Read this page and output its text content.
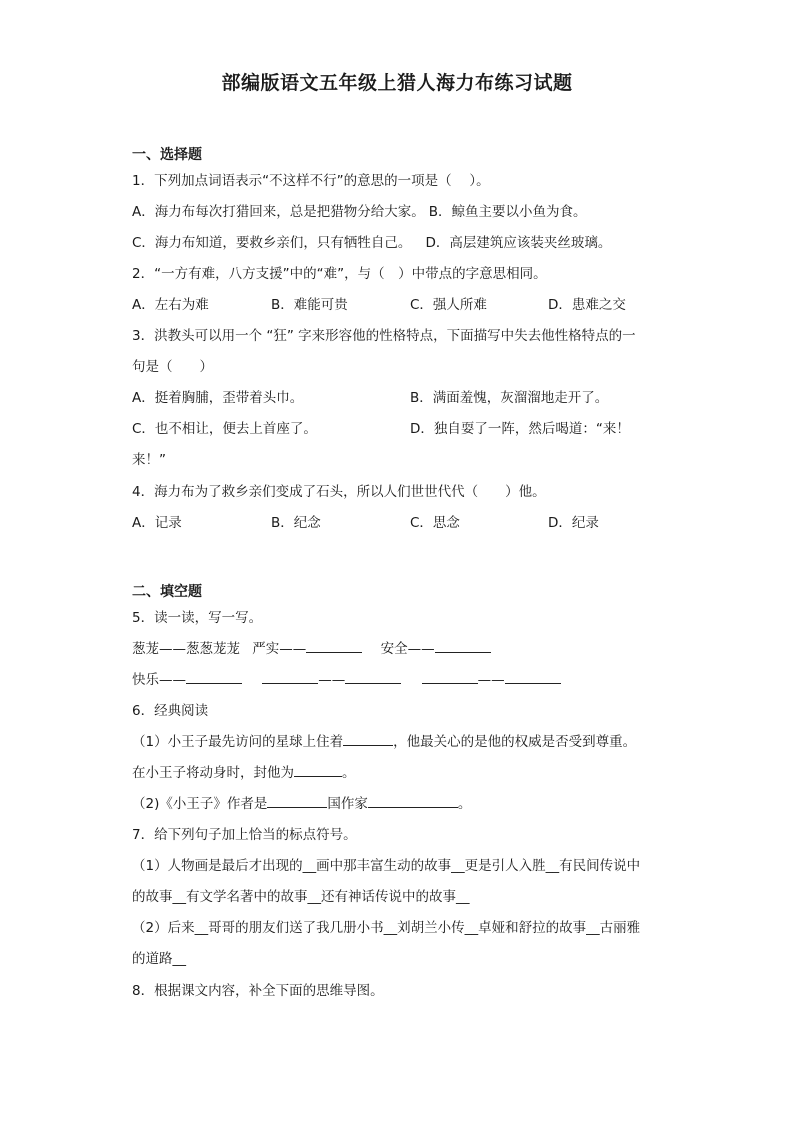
部编版语文五年级上猎人海力布练习试题
一、选择题
1．下列加点词语表示“不这样不行”的意思的一项是（　 ）。
A．海力布每次打猎回来，总是把猎物分给大家。 B．鲸鱼主要以小鱼为食。
C．海力布知道，要救乡亲们，只有牺牲自己。 D．高层建筑应该装夹丝玻璃。
2．“一方有难，八方支援”中的“难”，与（　）中带点的字意思相同。
A．左右为难	B．难能可贵	C．强人所难	D．患难之交
3．洪教头可以用一个 “狂” 字来形容他的性格特点，下面描写中失去他性格特点的一
句是（　　）
A．挺着胸脯，歪带着头巾。	B．满面羞愧，灰溜溜地走开了。
C．也不相让，便去上首座了。	D．独自耍了一阵，然后喝道：“来！
来！”
4．海力布为了救乡亲们变成了石头，所以人们世世代代（　　）他。
A．记录	B．纪念	C．思念	D．纪录
二、填空题
5．读一读，写一写。
葱茏——葱葱茏茏 严实——	安全——
快乐——	——	——
6．经典阅读
（1）小王子最先访问的星球上住着	，他最关心的是他的权威是否受到尊重。
在小王子将动身时，封他为	。
（2)《小王子》作者是	国作家	。
7．给下列句子加上恰当的标点符号。
（1）人物画是最后才出现的__画中那丰富生动的故事__更是引人入胜__有民间传说中
的故事__有文学名著中的故事__还有神话传说中的故事__
（2）后来__哥哥的朋友们送了我几册小书__刘胡兰小传__卓娅和舒拉的故事__古丽雅
的道路__
8．根据课文内容，补全下面的思维导图。
